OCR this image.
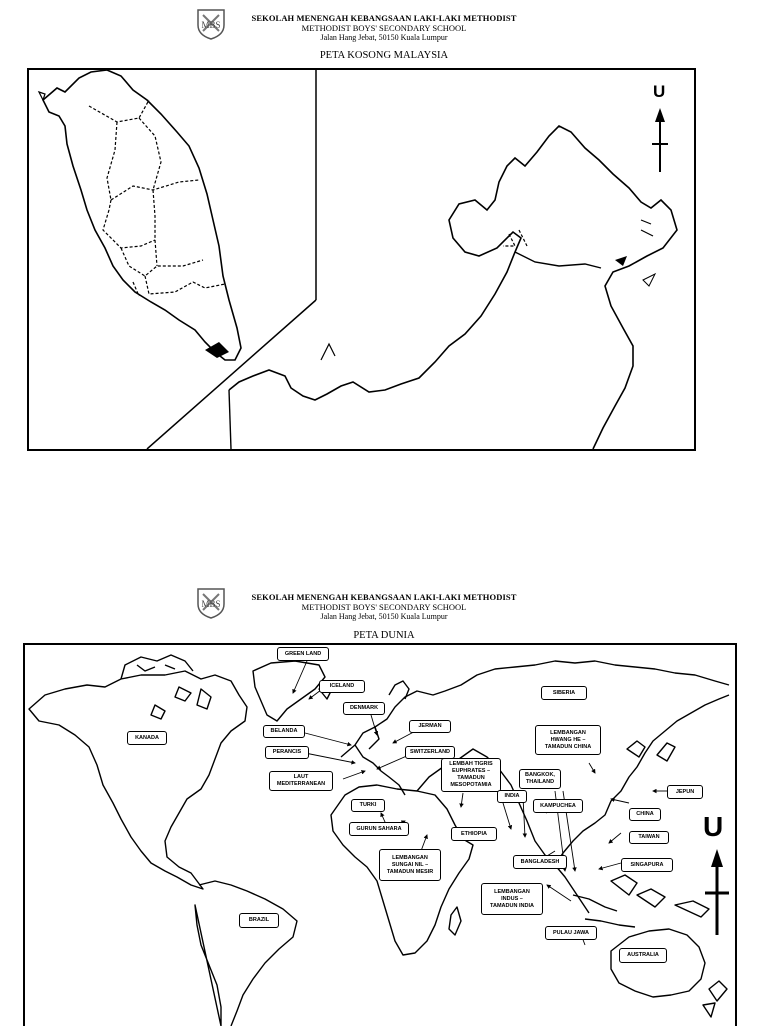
MBS
SEKOLAH MENENGAH KEBANGSAAN LAKI-LAKI METHODIST
METHODIST BOYS' SECONDARY SCHOOL
Jalan Hang Jebat, 50150 Kuala Lumpur
PETA KOSONG MALAYSIA
U
MBS
SEKOLAH MENENGAH KEBANGSAAN LAKI-LAKI METHODIST
METHODIST BOYS' SECONDARY SCHOOL
Jalan Hang Jebat, 50150 Kuala Lumpur
PETA DUNIA
U
GREEN LAND
ICELAND
DENMARK
BELANDA
JERMAN
PERANCIS	SWITZERLAND
LAUT
MEDITERRANEAN
KANADA
SIBERIA
LEMBANGAN
HWANG HE –
TAMADUN CHINA
LEMBAH TIGRIS
EUPHRATES –
TAMADUN
MESOPOTAMIA
BANGKOK,
THAILAND
JEPUN
INDIA
KAMPUCHEA
TURKI
CHINA
GURUN SAHARA
ETHIOPIA
TAIWAN
LEMBANGAN
SUNGAI NIL –
TAMADUN MESIR
BANGLADESH	SINGAPURA
LEMBANGAN
INDUS –
TAMADUN INDIA
BRAZIL
PULAU JAWA
AUSTRALIA
